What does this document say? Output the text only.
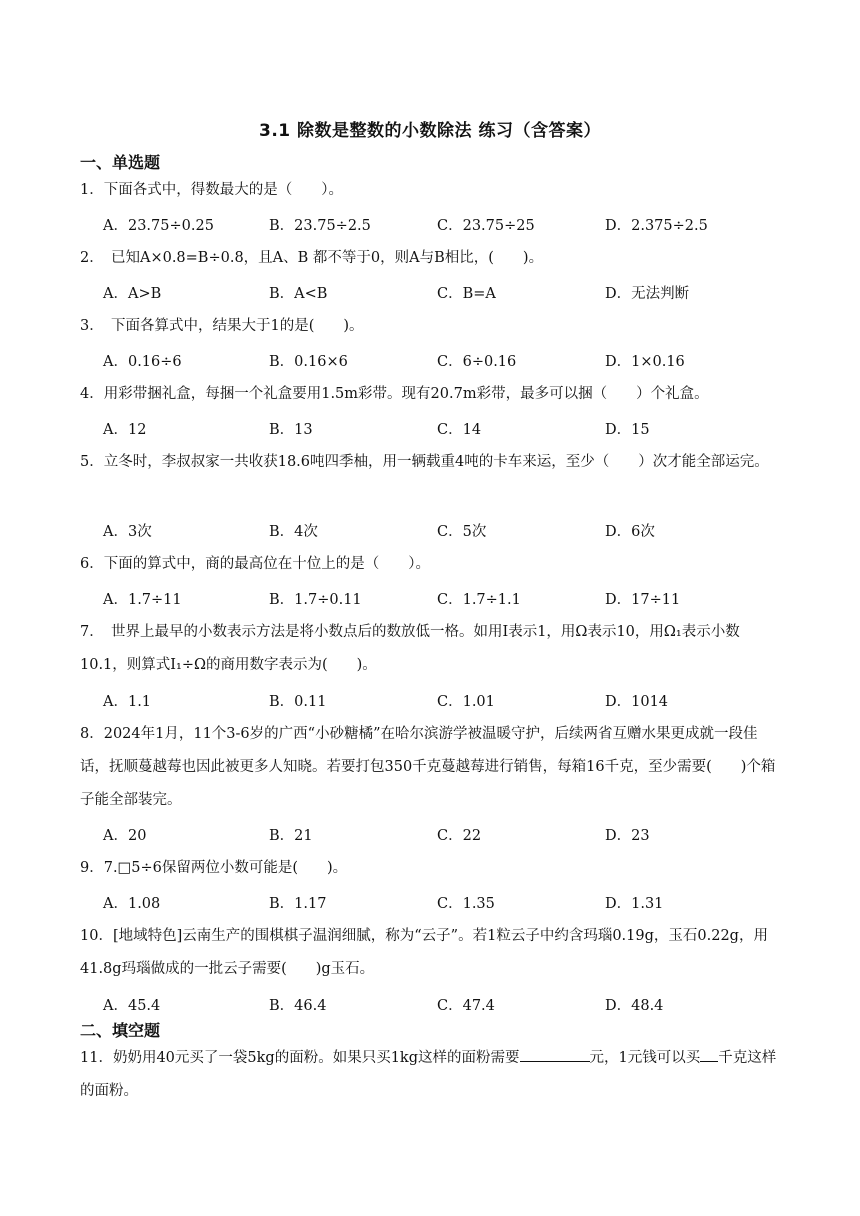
3.1 除数是整数的小数除法 练习（含答案）
一、单选题
1．下面各式中，得数最大的是（　　）。
A．23.75÷0.25	B．23.75÷2.5	C．23.75÷25	D．2.375÷2.5
2．　已知A×0.8=B÷0.8，且A、B 都不等于0，则A与B相比，(　　)。
A．A>B	B．A<B	C．B=A	D．无法判断
3．　下面各算式中，结果大于1的是(　　)。
A．0.16÷6	B．0.16×6	C．6÷0.16	D．1×0.16
4．用彩带捆礼盒，每捆一个礼盒要用1.5m彩带。现有20.7m彩带，最多可以捆（　　）个礼盒。
A．12	B．13	C．14	D．15
5．立冬时，李叔叔家一共收获18.6吨四季柚，用一辆载重4吨的卡车来运，至少（　　）次才能全部运完。
A．3次	B．4次	C．5次	D．6次
6．下面的算式中，商的最高位在十位上的是（　　）。
A．1.7÷11	B．1.7÷0.11	C．1.7÷1.1	D．17÷11
7．　世界上最早的小数表示方法是将小数点后的数放低一格。如用Ⅰ表示1，用Ω表示10，用Ω₁表示小数10.1，则算式I₁÷Ω的商用数字表示为(　　)。
A．1.1	B．0.11	C．1.01	D．1014
8．2024年1月，11个3-6岁的广西“小砂糖橘”在哈尔滨游学被温暖守护，后续两省互赠水果更成就一段佳话，抚顺蔓越莓也因此被更多人知晓。若要打包350千克蔓越莓进行销售，每箱16千克，至少需要(　　)个箱子能全部装完。
A．20	B．21	C．22	D．23
9．7.□5÷6保留两位小数可能是(　　)。
A．1.08	B．1.17	C．1.35	D．1.31
10．[地域特色]云南生产的围棋棋子温润细腻，称为“云子”。若1粒云子中约含玛瑙0.19g，玉石0.22g，用41.8g玛瑙做成的一批云子需要(　　)g玉石。
A．45.4	B．46.4	C．47.4	D．48.4
二、填空题
11．奶奶用40元买了一袋5kg的面粉。如果只买1kg这样的面粉需要	元，1元钱可以买 千克这样的面粉。
